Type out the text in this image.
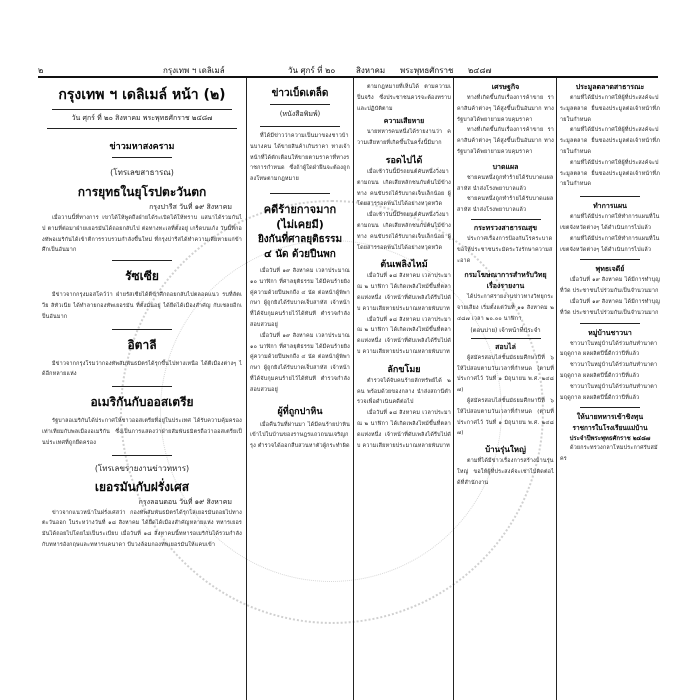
๒	กรุงเทพ ฯ เดลิเมล์	วัน ศุกร์ ที่ ๒๐	สิงหาคม พระพุทธศักราช ๒๔๘๗
กรุงเทพ ฯ เดลิเมล์ หน้า (๒)
วัน ศุกร์ ที่ ๒๐ สิงหาคม พระพุทธศักราช ๒๔๘๗
ข่าวมหาสงคราม
(โทรเลขสาธารณ)
การยุทธในยุโรปตะวันตก
กรุงปารีส วันที่ ๑๙ สิงหาคม

เมื่อวานนี้ที่ทางการ เขาได้ให้พูดถึงฝ่ายได้ระเบิดได้ให้ทราบ แสนาได้รวมกันไป ตามที่ต่อมาฝ่ายเยอรมันได้ถอยกลับไป ต่อทางทะเลที่ตั้งอยู่ เกร็ดบนเก้ง วันนี้ที่กองทัพอเมริกันได้เข้าตีการรวบรวมกำลังขึ้นใหม่ ที่กรุงปารีสได้ทำความเสียหายแก่ข้าศึกเป็นอันมาก

รัซเซีย

มีข่าวจากกรุงมอสโคว์ว่า ฝ่ายรัสเซียได้ตีข้าศึกถอยกลับไปตลอดแนว รบที่ลัตเวีย ลิทัวเนีย ได้ทำลายกองทัพเยอรมัน ที่ตั้งมั่นอยู่ ได้ยึดได้เมืองสำคัญ กับเชลยอีกเป็นอันมาก

อิตาลี

มีข่าวจากกรุงโรมว่ากองทัพสัมพันธมิตรได้รุกขึ้นไปทางเหนือ ได้ตีเมืองต่างๆ ได้อีกหลายแห่ง

อเมริกันกับออสเตรีย

รัฐบาลอเมริกันได้ประกาศให้ชาวออสเตรียที่อยู่ในประเทศ ได้รับความคุ้มครองเท่าเทียมกับพลเมืองอเมริกัน ซึ่งเป็นการแสดงว่าฝ่ายสัมพันธมิตรถือว่าออสเตรียเป็นประเทศที่ถูกยึดครอง

(โทรเลขรายงานข่าวทหาร)
เยอรมันกับฝรั่งเศส
กรุงลอนดอน วันที่ ๑๙ สิงหาคม

ข่าวจากแนวหน้าในฝรั่งเศสว่า กองทัพสัมพันธมิตรได้รุกไล่เยอรมันถอยไปทางตะวันออก ในระหว่างวันที่ ๑๘ สิงหาคม ได้ยึดได้เมืองสำคัญหลายแห่ง ทหารเยอรมันได้ถอยไปโดยไม่เป็นระเบียบ เมื่อวันที่ ๑๘ สิงหาคมนี้ทหารอเมริกันได้รวมกำลังกับทหารอังกฤษและทหารแคนาดา บีบวงล้อมกองทัพเยอรมันให้แคบเข้า

ข่าวเบ็ดเตล็ด
(หนังสือพิมพ์)

ที่ได้มีข่าวว่าความเป็นมาของชาวบ้านบางคน ได้ขายสินค้าเกินราคา ทางเจ้าหน้าที่ได้ตักเตือนให้ขายตามราคาที่ทางราชการกำหนด ซึ่งถ้าผู้ใดฝ่าฝืนจะต้องถูกลงโทษตามกฎหมาย

คดีร้ายกาจมาก
(ไม่เคยมี)
ยิงกันที่ศาลยุติธรรม
๔ นัด ด้วยปืนพก

เมื่อวันที่ ๑๙ สิงหาคม เวลาประมาณ ๑๐ นาฬิกา ที่ศาลยุติธรรม ได้มีคนร้ายยิงคู่ความด้วยปืนพกถึง ๔ นัด ต่อหน้าผู้พิพากษา ผู้ถูกยิงได้รับบาดเจ็บสาหัส เจ้าหน้าที่ได้จับกุมคนร้ายไว้ได้ทันที ตำรวจกำลังสอบสวนอยู่

เมื่อวันที่ ๑๙ สิงหาคม เวลาประมาณ ๑๐ นาฬิกา ที่ศาลยุติธรรม ได้มีคนร้ายยิงคู่ความด้วยปืนพกถึง ๔ นัด ต่อหน้าผู้พิพากษา ผู้ถูกยิงได้รับบาดเจ็บสาหัส เจ้าหน้าที่ได้จับกุมคนร้ายไว้ได้ทันที ตำรวจกำลังสอบสวนอยู่

ผู้ที่ถูกปาหิน

เมื่อคืนวันที่ผ่านมา ได้มีคนร้ายปาหินเข้าไปในบ้านของราษฎรแถวถนนเจริญกรุง ตำรวจได้ออกสืบสวนหาตัวผู้กระทำผิด

ตามกฎหมายที่เห็นได้ ตามความเป็นจริง ซึ่งประชาชนควรจะต้องทราบ และปฏิบัติตาม

ความเสียหาย

นายทหารคนหนึ่งได้รายงานว่า ความเสียหายที่เกิดขึ้นในครั้งนี้มีมาก

รอดไปได้

เมื่อเช้าวันนี้มีรถยนต์คันหนึ่งวิ่งมาตามถนน เกิดเสียหลักชนกับต้นไม้ข้างทาง คนขับรถได้รับบาดเจ็บเล็กน้อย ผู้โดยสารรอดพ้นไปได้อย่างหวุดหวิด

เมื่อเช้าวันนี้มีรถยนต์คันหนึ่งวิ่งมาตามถนน เกิดเสียหลักชนกับต้นไม้ข้างทาง คนขับรถได้รับบาดเจ็บเล็กน้อย ผู้โดยสารรอดพ้นไปได้อย่างหวุดหวิด

ต้นเพลิงไหม้

เมื่อวันที่ ๑๘ สิงหาคม เวลาประมาณ ๒ นาฬิกา ได้เกิดเพลิงไหม้ขึ้นที่ตลาดแห่งหนึ่ง เจ้าหน้าที่ดับเพลิงได้รีบไปดับ ความเสียหายประมาณหลายพันบาท

เมื่อวันที่ ๑๘ สิงหาคม เวลาประมาณ ๒ นาฬิกา ได้เกิดเพลิงไหม้ขึ้นที่ตลาดแห่งหนึ่ง เจ้าหน้าที่ดับเพลิงได้รีบไปดับ ความเสียหายประมาณหลายพันบาท

ลักขโมย

ตำรวจได้จับคนร้ายลักทรัพย์ได้ ๒ คน พร้อมด้วยของกลาง นำส่งสถานีตำรวจเพื่อดำเนินคดีต่อไป

เมื่อวันที่ ๑๘ สิงหาคม เวลาประมาณ ๒ นาฬิกา ได้เกิดเพลิงไหม้ขึ้นที่ตลาดแห่งหนึ่ง เจ้าหน้าที่ดับเพลิงได้รีบไปดับ ความเสียหายประมาณหลายพันบาท

เศรษฐกิจ

ทางที่เกิดขึ้นกับเรื่องการค้าขาย ราคาสินค้าต่างๆ ได้สูงขึ้นเป็นอันมาก ทางรัฐบาลได้พยายามควบคุมราคา

ทางที่เกิดขึ้นกับเรื่องการค้าขาย ราคาสินค้าต่างๆ ได้สูงขึ้นเป็นอันมาก ทางรัฐบาลได้พยายามควบคุมราคา

บาดแผล

ชายคนหนึ่งถูกทำร้ายได้รับบาดแผลสาหัส นำส่งโรงพยาบาลแล้ว

ชายคนหนึ่งถูกทำร้ายได้รับบาดแผลสาหัส นำส่งโรงพยาบาลแล้ว

กระทรวงสาธารณสุข

ประกาศเรื่องการป้องกันโรคระบาด ขอให้ประชาชนระมัดระวังรักษาความสะอาด

กรมโฆษณาการสำหรับวิทยุ
เรื่องรายงาน

ได้ประกาศรายงานข่าวทางวิทยุกระจายเสียง เริ่มตั้งแต่วันที่ ๑๑ สิงหาคม ๒๔๘๗ เวลา ๒๐.๐๐ นาฬิกา

(ตอนบ่าย) เจ้าหน้าที่ประจำ
สอบไล่

ผู้สมัครสอบไล่ชั้นมัธยมศึกษาปีที่ ๖ ให้ไปสอบตามวันเวลาที่กำหนด (ตามที่ประกาศไว้ วันที่ ๑ มิถุนายน พ.ศ. ๒๔๘๗)

ผู้สมัครสอบไล่ชั้นมัธยมศึกษาปีที่ ๖ ให้ไปสอบตามวันเวลาที่กำหนด (ตามที่ประกาศไว้ วันที่ ๑ มิถุนายน พ.ศ. ๒๔๘๗)

บ้านรุ่นใหญ่

ตามที่ได้มีข่าวเรื่องการสร้างบ้านรุ่นใหญ่ ขอให้ผู้ที่ประสงค์จะเช่าไปติดต่อได้ที่สำนักงาน

ประมูลตลาดสาธารณะ

ตามที่ได้มีประกาศให้ผู้ที่ประสงค์จะประมูลตลาด ยื่นซองประมูลต่อเจ้าหน้าที่ภายในกำหนด

ตามที่ได้มีประกาศให้ผู้ที่ประสงค์จะประมูลตลาด ยื่นซองประมูลต่อเจ้าหน้าที่ภายในกำหนด

ตามที่ได้มีประกาศให้ผู้ที่ประสงค์จะประมูลตลาด ยื่นซองประมูลต่อเจ้าหน้าที่ภายในกำหนด

ทำการแผน

ตามที่ได้มีประกาศให้ทำการแผนที่ในเขตจังหวัดต่างๆ ได้ดำเนินการไปแล้ว

ตามที่ได้มีประกาศให้ทำการแผนที่ในเขตจังหวัดต่างๆ ได้ดำเนินการไปแล้ว

พุทธเจดีย์

เมื่อวันที่ ๑๙ สิงหาคม ได้มีการทำบุญที่วัด ประชาชนไปร่วมกันเป็นจำนวนมาก

เมื่อวันที่ ๑๙ สิงหาคม ได้มีการทำบุญที่วัด ประชาชนไปร่วมกันเป็นจำนวนมาก

หมู่บ้านชาวนา

ชาวนาในหมู่บ้านได้ร่วมกันทำนาตามฤดูกาล ผลผลิตปีนี้ดีกว่าปีที่แล้ว

ชาวนาในหมู่บ้านได้ร่วมกันทำนาตามฤดูกาล ผลผลิตปีนี้ดีกว่าปีที่แล้ว

ชาวนาในหมู่บ้านได้ร่วมกันทำนาตามฤดูกาล ผลผลิตปีนี้ดีกว่าปีที่แล้ว

ให้นายทหารเข้าชิงทุน
ราชการในโรงเรียนแม่บ้าน
ประจำปีพระพุทธศักราช ๒๔๘๗

ด้วยกระทรวงกลาโหมประกาศรับสมัคร
